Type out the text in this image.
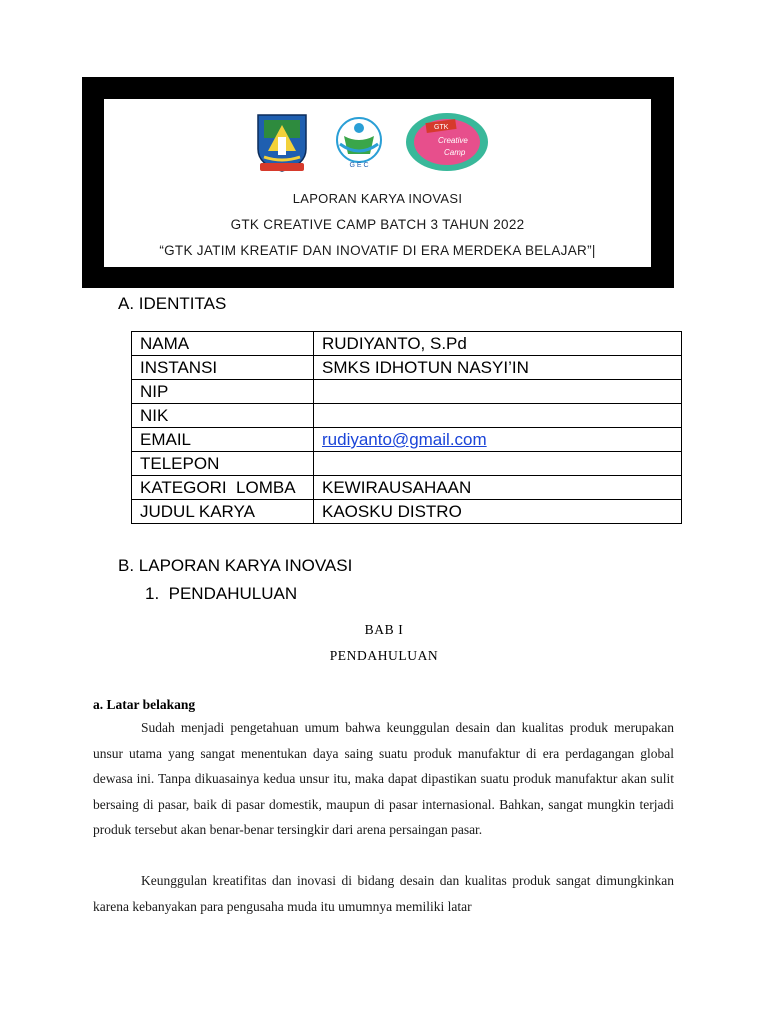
G E C
GTK
Creative
Camp
LAPORAN KARYA INOVASI
GTK CREATIVE CAMP BATCH 3 TAHUN 2022
“GTK JATIM KREATIF DAN INOVATIF DI ERA MERDEKA BELAJAR”|
A. IDENTITAS
NAMA	RUDIYANTO, S.Pd
INSTANSI	SMKS IDHOTUN NASYI’IN
NIP	
NIK	
EMAIL	rudiyanto@gmail.com
TELEPON	
KATEGORI  LOMBA	KEWIRAUSAHAAN
JUDUL KARYA	KAOSKU DISTRO
B. LAPORAN KARYA INOVASI
1.  PENDAHULUAN
BAB I
PENDAHULUAN
a. Latar belakang

Sudah menjadi pengetahuan umum bahwa keunggulan desain dan kualitas produk merupakan unsur utama yang sangat menentukan daya saing suatu produk manufaktur di era perdagangan global dewasa ini. Tanpa dikuasainya kedua unsur itu, maka dapat dipastikan suatu produk manufaktur akan sulit bersaing di pasar, baik di pasar domestik, maupun di pasar internasional. Bahkan, sangat mungkin terjadi produk tersebut akan benar-benar tersingkir dari arena persaingan pasar.

Keunggulan kreatifitas dan inovasi di bidang desain dan kualitas produk sangat dimungkinkan karena kebanyakan para pengusaha muda itu umumnya memiliki latar
